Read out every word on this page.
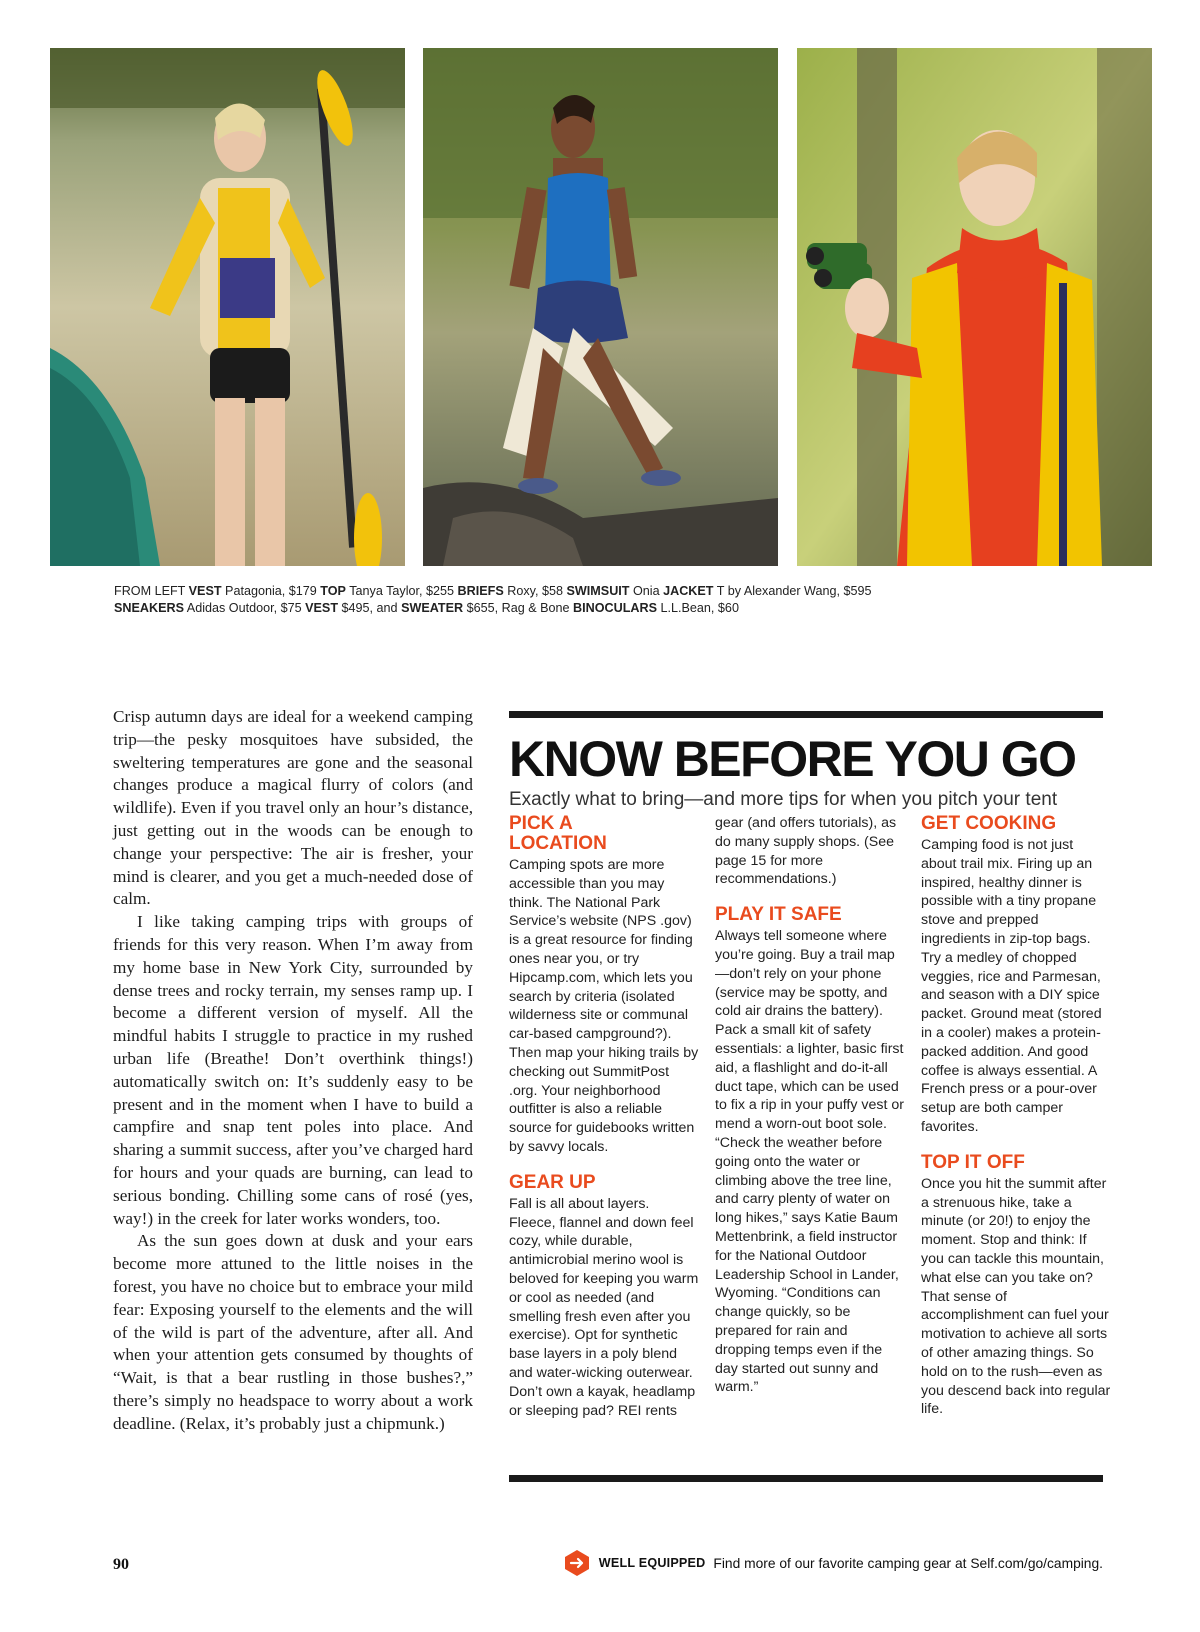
FROM LEFT VEST Patagonia, $179 TOP Tanya Taylor, $255 BRIEFS Roxy, $58 SWIMSUIT Onia JACKET T by Alexander Wang, $595
SNEAKERS Adidas Outdoor, $75 VEST $495, and SWEATER $655, Rag & Bone BINOCULARS L.L.Bean, $60

Crisp autumn days are ideal for a weekend camping trip—the pesky mosquitoes have subsided, the sweltering temperatures are gone and the seasonal changes produce a magical flurry of colors (and wildlife). Even if you travel only an hour’s distance, just getting out in the woods can be enough to change your perspective: The air is fresher, your mind is clearer, and you get a much-needed dose of calm.

I like taking camping trips with groups of friends for this very reason. When I’m away from my home base in New York City, surrounded by dense trees and rocky terrain, my senses ramp up. I become a different version of myself. All the mindful habits I struggle to practice in my rushed urban life (Breathe! Don’t overthink things!) automatically switch on: It’s suddenly easy to be present and in the moment when I have to build a campfire and snap tent poles into place. And sharing a summit success, after you’ve charged hard for hours and your quads are burning, can lead to serious bonding. Chilling some cans of rosé (yes, way!) in the creek for later works wonders, too.

As the sun goes down at dusk and your ears become more attuned to the little noises in the forest, you have no choice but to embrace your mild fear: Exposing yourself to the elements and the will of the wild is part of the adventure, after all. And when your attention gets consumed by thoughts of “Wait, is that a bear rustling in those bushes?,” there’s simply no headspace to worry about a work deadline. (Relax, it’s probably just a chipmunk.)

KNOW BEFORE YOU GO
Exactly what to bring—and more tips for when you pitch your tent
PICK A
LOCATION

Camping spots are more accessible than you may think. The National Park Service’s website (NPS .gov) is a great resource for finding ones near you, or try Hipcamp.com, which lets you search by criteria (isolated wilderness site or communal car-based campground?). Then map your hiking trails by checking out SummitPost .org. Your neighborhood outfitter is also a reliable source for guidebooks written by savvy locals.

GEAR UP

Fall is all about layers. Fleece, flannel and down feel cozy, while durable, antimicrobial merino wool is beloved for keeping you warm or cool as needed (and smelling fresh even after you exercise). Opt for synthetic base layers in a poly blend and water-wicking outerwear. Don’t own a kayak, headlamp or sleeping pad? REI rents

gear (and offers tutorials), as do many supply shops. (See page 15 for more recommendations.)

PLAY IT SAFE

Always tell someone where you’re going. Buy a trail map—don’t rely on your phone (service may be spotty, and cold air drains the battery). Pack a small kit of safety essentials: a lighter, basic first aid, a flashlight and do-it-all duct tape, which can be used to fix a rip in your puffy vest or mend a worn-out boot sole. “Check the weather before going onto the water or climbing above the tree line, and carry plenty of water on long hikes,” says Katie Baum Mettenbrink, a field instructor for the National Outdoor Leadership School in Lander, Wyoming. “Conditions can change quickly, so be prepared for rain and dropping temps even if the day started out sunny and warm.”

GET COOKING

Camping food is not just about trail mix. Firing up an inspired, healthy dinner is possible with a tiny propane stove and prepped ingredients in zip-top bags. Try a medley of chopped veggies, rice and Parmesan, and season with a DIY spice packet. Ground meat (stored in a cooler) makes a protein-packed addition. And good coffee is always essential. A French press or a pour-over setup are both camper favorites.

TOP IT OFF

Once you hit the summit after a strenuous hike, take a minute (or 20!) to enjoy the moment. Stop and think: If you can tackle this mountain, what else can you take on? That sense of accomplishment can fuel your motivation to achieve all sorts of other amazing things. So hold on to the rush—even as you descend back into regular life.

90	WELL EQUIPPED Find more of our favorite camping gear at Self.com/go/camping.
